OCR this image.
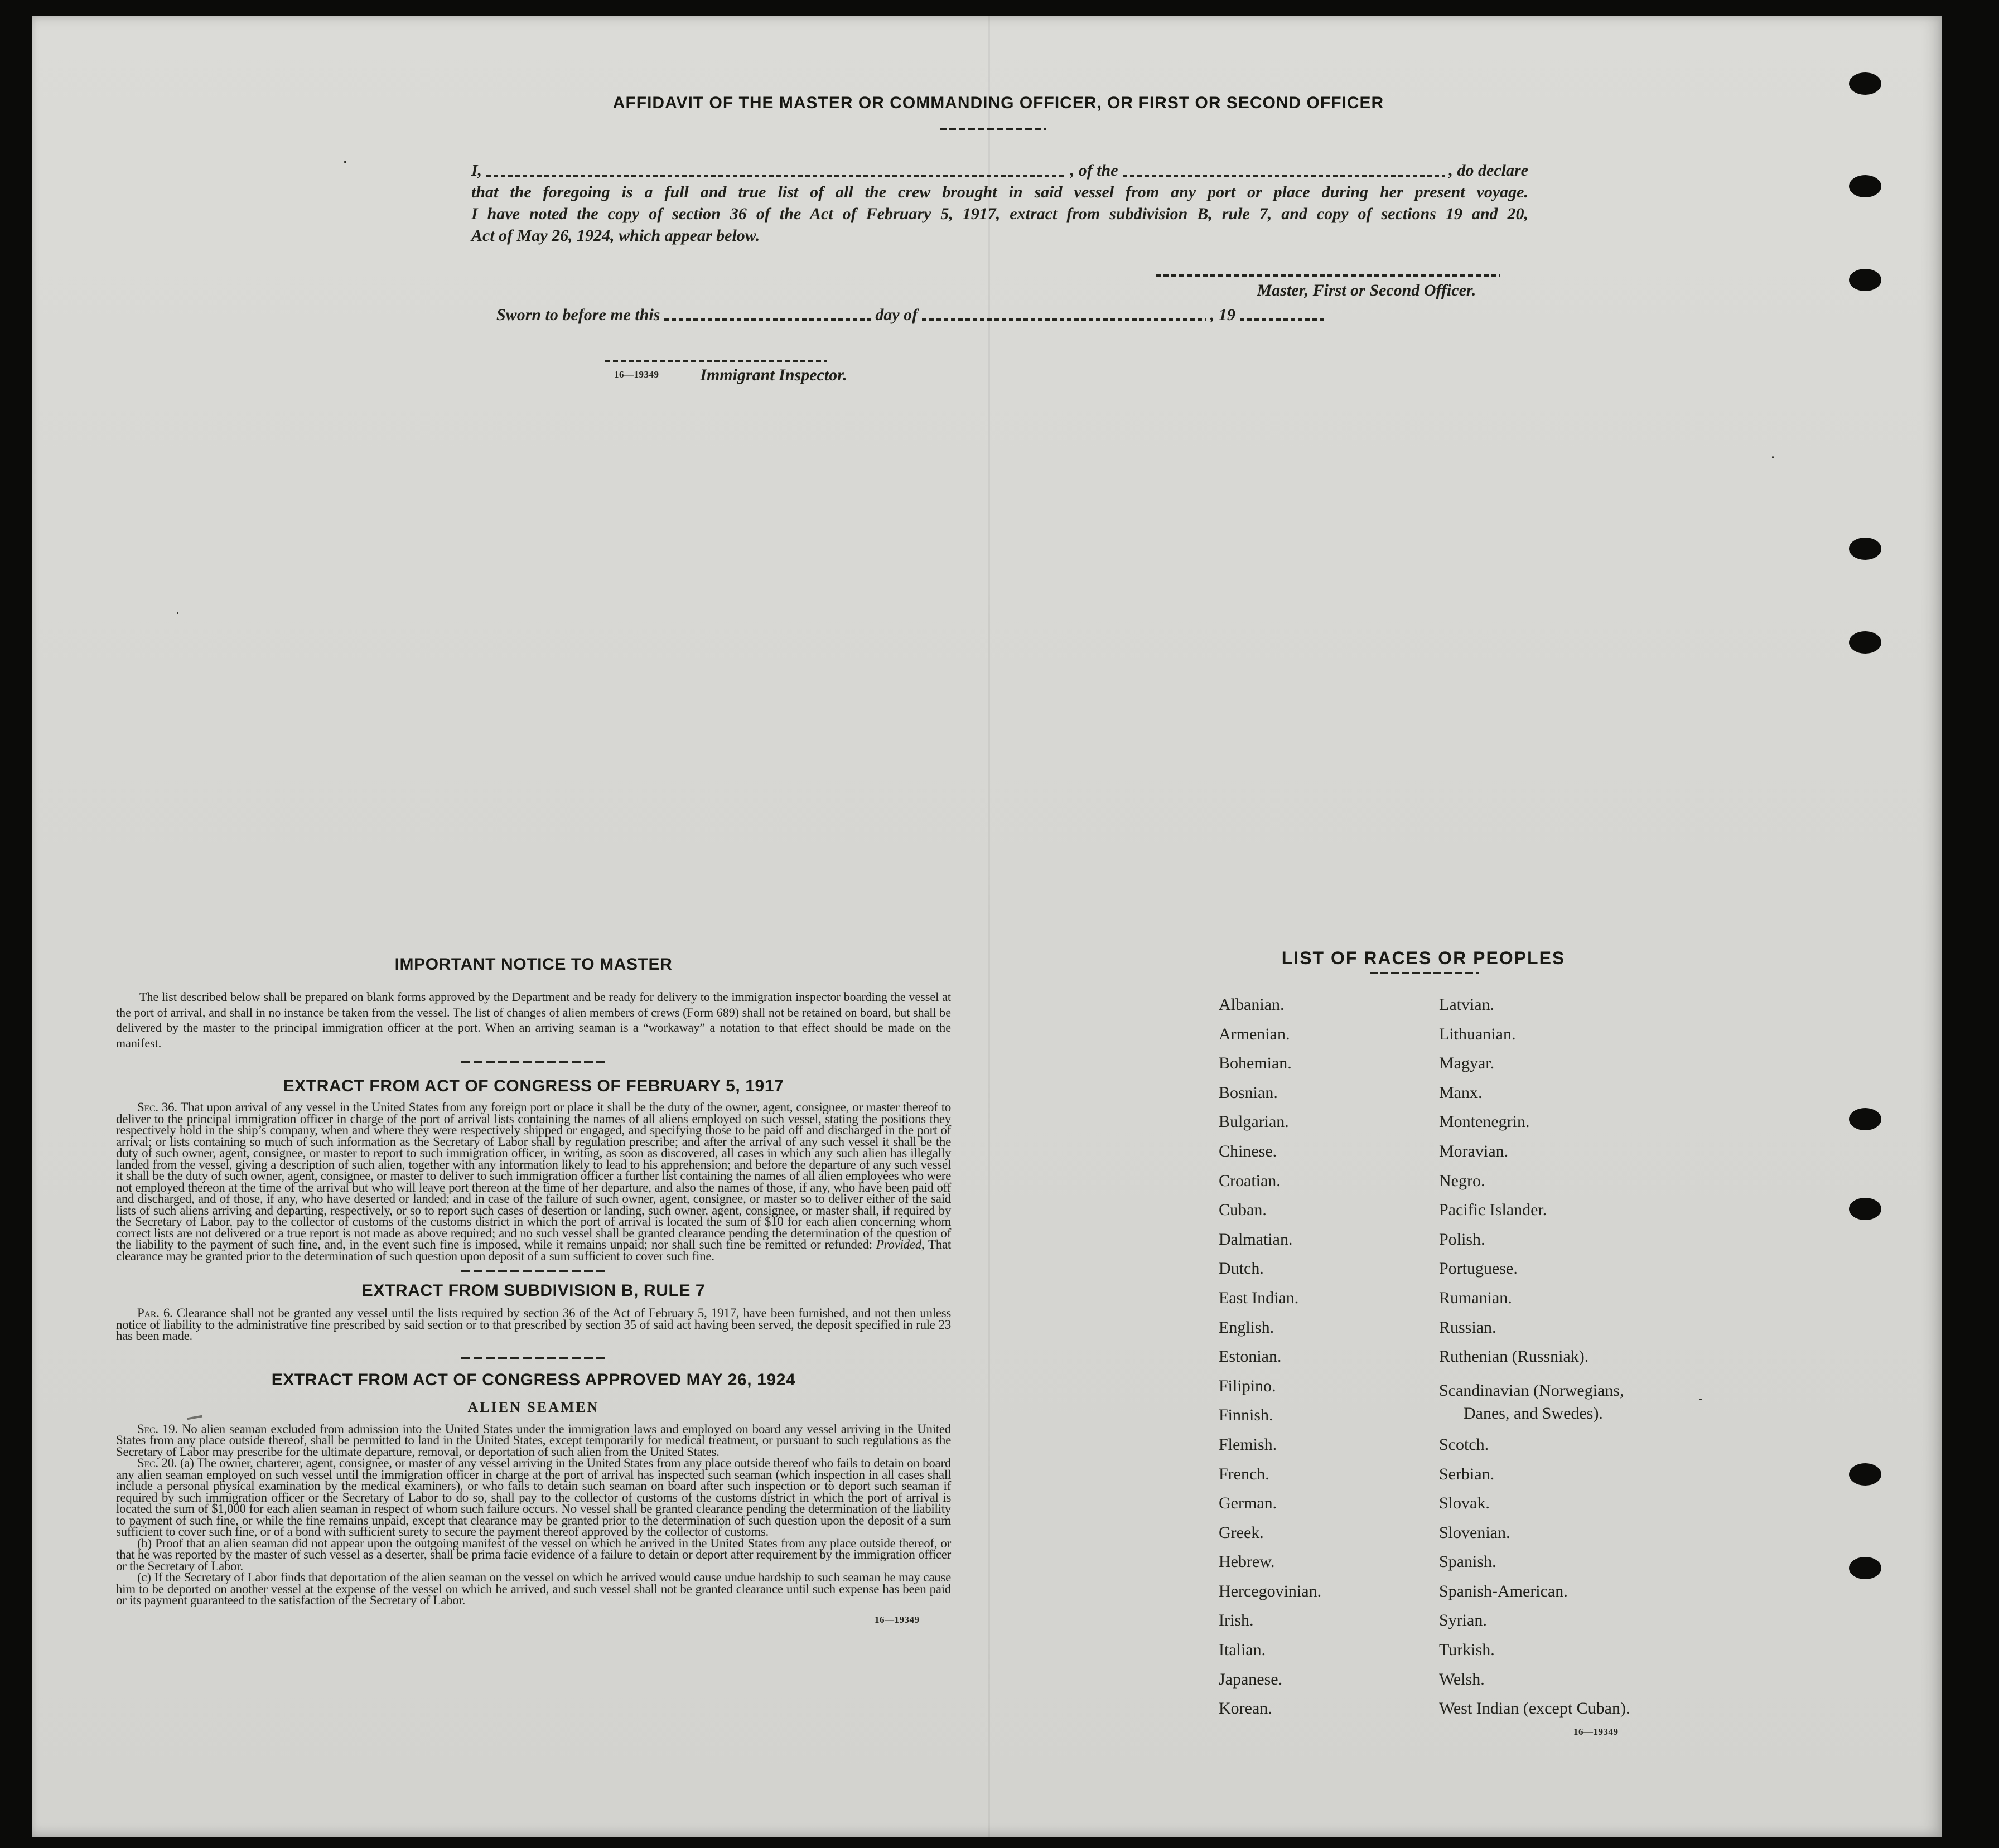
AFFIDAVIT OF THE MASTER OR COMMANDING OFFICER, OR FIRST OR SECOND OFFICER
I,	, of the	, do declare
that the foregoing is a full and true list of all the crew brought in said vessel from any port or place during her present voyage.
I have noted the copy of section 36 of the Act of February 5, 1917, extract from subdivision B, rule 7, and copy of sections 19 and 20,
Act of May 26, 1924, which appear below.
Master, First or Second Officer.
Sworn to before me this	day of	, 19
16—19349	Immigrant Inspector.
IMPORTANT NOTICE TO MASTER

The list described below shall be prepared on blank forms approved by the Department and be ready for delivery to the immigration inspector boarding the vessel at the port of arrival, and shall in no instance be taken from the vessel. The list of changes of alien members of crews (Form 689) shall not be retained on board, but shall be delivered by the master to the principal immigration officer at the port. When an arriving seaman is a “workaway” a notation to that effect should be made on the manifest.

EXTRACT FROM ACT OF CONGRESS OF FEBRUARY 5, 1917

Sec. 36. That upon arrival of any vessel in the United States from any foreign port or place it shall be the duty of the owner, agent, consignee, or master thereof to deliver to the principal immigration officer in charge of the port of arrival lists containing the names of all aliens employed on such vessel, stating the positions they respectively hold in the ship’s company, when and where they were respectively shipped or engaged, and specifying those to be paid off and discharged in the port of arrival; or lists containing so much of such information as the Secretary of Labor shall by regulation prescribe; and after the arrival of any such vessel it shall be the duty of such owner, agent, consignee, or master to report to such immigration officer, in writing, as soon as discovered, all cases in which any such alien has illegally landed from the vessel, giving a description of such alien, together with any information likely to lead to his apprehension; and before the departure of any such vessel it shall be the duty of such owner, agent, consignee, or master to deliver to such immigration officer a further list containing the names of all alien employees who were not employed thereon at the time of the arrival but who will leave port thereon at the time of her departure, and also the names of those, if any, who have been paid off and discharged, and of those, if any, who have deserted or landed; and in case of the failure of such owner, agent, consignee, or master so to deliver either of the said lists of such aliens arriving and departing, respectively, or so to report such cases of desertion or landing, such owner, agent, consignee, or master shall, if required by the Secretary of Labor, pay to the collector of customs of the customs district in which the port of arrival is located the sum of $10 for each alien concerning whom correct lists are not delivered or a true report is not made as above required; and no such vessel shall be granted clearance pending the determination of the question of the liability to the payment of such fine, and, in the event such fine is imposed, while it remains unpaid; nor shall such fine be remitted or refunded: Provided, That clearance may be granted prior to the determination of such question upon deposit of a sum sufficient to cover such fine.

EXTRACT FROM SUBDIVISION B, RULE 7

Par. 6. Clearance shall not be granted any vessel until the lists required by section 36 of the Act of February 5, 1917, have been furnished, and not then unless notice of liability to the administrative fine prescribed by said section or to that prescribed by section 35 of said act having been served, the deposit specified in rule 23 has been made.

EXTRACT FROM ACT OF CONGRESS APPROVED MAY 26, 1924

ALIEN SEAMEN

Sec. 19. No alien seaman excluded from admission into the United States under the immigration laws and employed on board any vessel arriving in the United States from any place outside thereof, shall be permitted to land in the United States, except temporarily for medical treatment, or pursuant to such regulations as the Secretary of Labor may prescribe for the ultimate departure, removal, or deportation of such alien from the United States.

Sec. 20. (a) The owner, charterer, agent, consignee, or master of any vessel arriving in the United States from any place outside thereof who fails to detain on board any alien seaman employed on such vessel until the immigration officer in charge at the port of arrival has inspected such seaman (which inspection in all cases shall include a personal physical examination by the medical examiners), or who fails to detain such seaman on board after such inspection or to deport such seaman if required by such immigration officer or the Secretary of Labor to do so, shall pay to the collector of customs of the customs district in which the port of arrival is located the sum of $1,000 for each alien seaman in respect of whom such failure occurs. No vessel shall be granted clearance pending the determination of the liability to payment of such fine, or while the fine remains unpaid, except that clearance may be granted prior to the determination of such question upon the deposit of a sum sufficient to cover such fine, or of a bond with sufficient surety to secure the payment thereof approved by the collector of customs.

(b) Proof that an alien seaman did not appear upon the outgoing manifest of the vessel on which he arrived in the United States from any place outside thereof, or that he was reported by the master of such vessel as a deserter, shall be prima facie evidence of a failure to detain or deport after requirement by the immigration officer or the Secretary of Labor.

(c) If the Secretary of Labor finds that deportation of the alien seaman on the vessel on which he arrived would cause undue hardship to such seaman he may cause him to be deported on another vessel at the expense of the vessel on which he arrived, and such vessel shall not be granted clearance until such expense has been paid or its payment guaranteed to the satisfaction of the Secretary of Labor.

16—19349
LIST OF RACES OR PEOPLES
Albanian.
Armenian.
Bohemian.
Bosnian.
Bulgarian.
Chinese.
Croatian.
Cuban.
Dalmatian.
Dutch.
East Indian.
English.
Estonian.
Filipino.
Finnish.
Flemish.
French.
German.
Greek.
Hebrew.
Hercegovinian.
Irish.
Italian.
Japanese.
Korean.
Latvian.
Lithuanian.
Magyar.
Manx.
Montenegrin.
Moravian.
Negro.
Pacific Islander.
Polish.
Portuguese.
Rumanian.
Russian.
Ruthenian (Russniak).
Scandinavian (Norwegians,
Danes, and Swedes).
Scotch.
Serbian.
Slovak.
Slovenian.
Spanish.
Spanish-American.
Syrian.
Turkish.
Welsh.
West Indian (except Cuban).
16—19349
